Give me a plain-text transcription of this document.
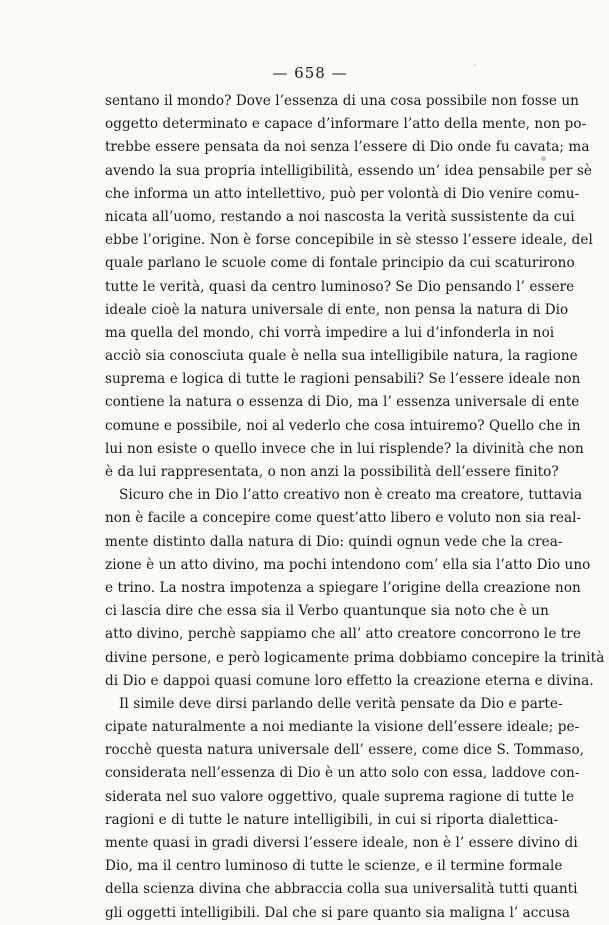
— 658 —
sentano il mondo? Dove l’essenza di una cosa possibile non fosse un
oggetto determinato e capace d’informare l’atto della mente, non po-
trebbe essere pensata da noi senza l’essere di Dio onde fu cavata; ma
avendo la sua propria intelligibilità, essendo un’ idea pensabile per sè
che informa un atto intellettivo, può per volontà di Dio venire comu-
nicata all’uomo, restando a noi nascosta la verità sussistente da cui
ebbe l’origine. Non è forse concepibile in sè stesso l’essere ideale, del
quale parlano le scuole come di fontale principio da cui scaturirono
tutte le verità, quasi da centro luminoso? Se Dio pensando l’ essere
ideale cioè la natura universale di ente, non pensa la natura di Dio
ma quella del mondo, chi vorrà impedire a lui d’infonderla in noi
acciò sia conosciuta quale è nella sua intelligibile natura, la ragione
suprema e logica di tutte le ragioni pensabili? Se l’essere ideale non
contiene la natura o essenza di Dio, ma l’ essenza universale di ente
comune e possibile, noi al vederlo che cosa intuiremo? Quello che in
lui non esiste o quello invece che in lui risplende? la divinità che non
è da lui rappresentata, o non anzi la possibilità dell’essere finito?
Sicuro che in Dio l’atto creativo non è creato ma creatore, tuttavia
non è facile a concepire come quest’atto libero e voluto non sia real-
mente distinto dalla natura di Dio: quindi ognun vede che la crea-
zione è un atto divino, ma pochi intendono com’ ella sia l’atto Dio uno
e trino. La nostra impotenza a spiegare l’origine della creazione non
ci lascia dire che essa sia il Verbo quantunque sia noto che è un
atto divino, perchè sappiamo che all’ atto creatore concorrono le tre
divine persone, e però logicamente prima dobbiamo concepire la trinità
di Dio e dappoi quasi comune loro effetto la creazione eterna e divina.
Il simile deve dirsi parlando delle verità pensate da Dio e parte-
cipate naturalmente a noi mediante la visione dell’essere ideale; pe-
rocchè questa natura universale dell’ essere, come dice S. Tommaso,
considerata nell’essenza di Dio è un atto solo con essa, laddove con-
siderata nel suo valore oggettivo, quale suprema ragione di tutte le
ragioni e di tutte le nature intelligibili, in cui si riporta dialettica-
mente quasi in gradi diversi l’essere ideale, non è l’ essere divino di
Dio, ma il centro luminoso di tutte le scienze, e il termine formale
della scienza divina che abbraccia colla sua universalità tutti quanti
gli oggetti intelligibili. Dal che si pare quanto sia maligna l’ accusa
